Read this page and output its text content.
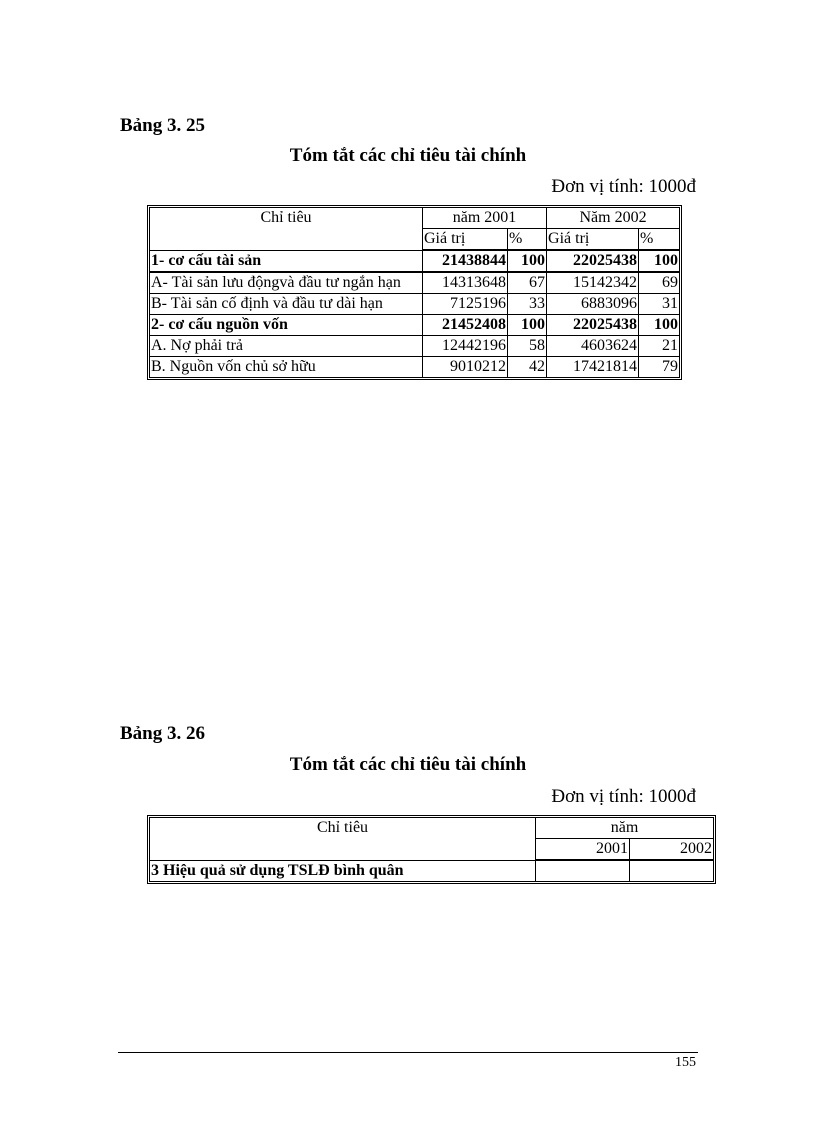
Bảng 3. 25
Tóm tắt các chỉ tiêu tài chính
Đơn vị tính: 1000đ
Chỉ tiêu	năm 2001		Năm 2002	
	Giá trị	%	Giá trị	%
1- cơ cấu tài sản	21438844	100	22025438	100
A- Tài sản lưu độngvà đầu tư ngắn hạn	14313648	67	15142342	69
B- Tài sản cố định và đầu tư dài hạn	7125196	33	6883096	31
2- cơ cấu nguồn vốn	21452408	100	22025438	100
A. Nợ phải trả	12442196	58	4603624	21
B. Nguồn vốn chủ sở hữu	9010212	42	17421814	79
Bảng 3. 26
Tóm tắt các chỉ tiêu tài chính
Đơn vị tính: 1000đ
Chỉ tiêu	năm	
	2001	2002
3 Hiệu quả sử dụng TSLĐ bình quân		
155
